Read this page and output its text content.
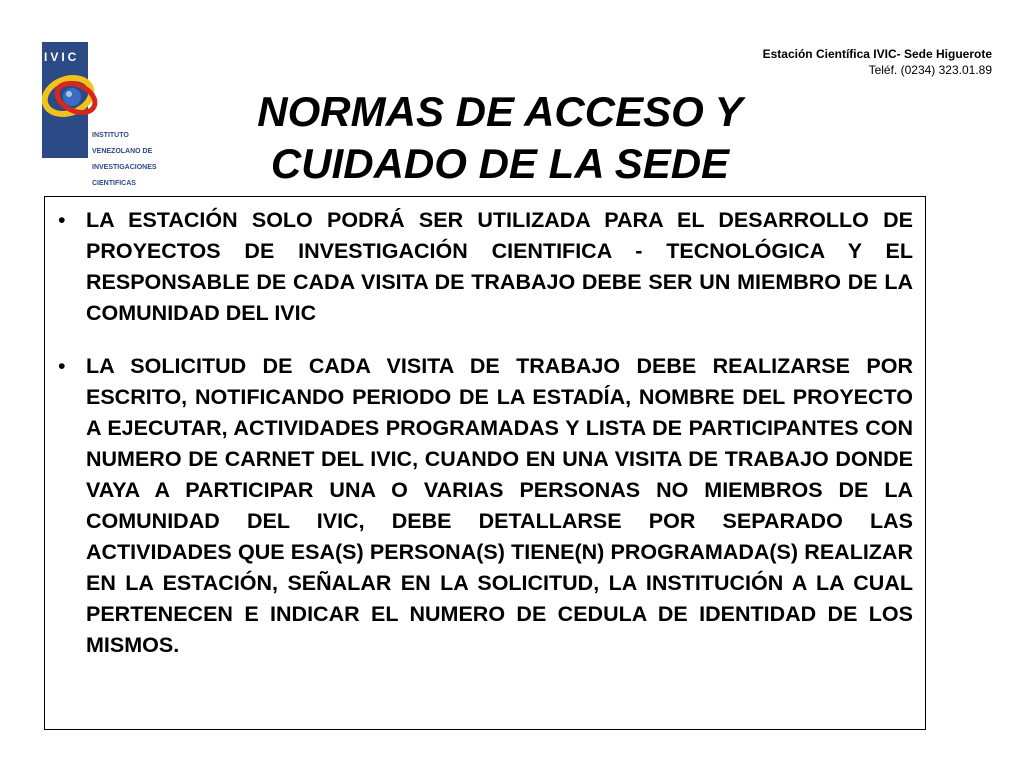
IVIC

INSTITUTO

VENEZOLANO DE

INVESTIGACIONES

CIENTIFICAS

Estación Científica IVIC- Sede Higuerote
Teléf. (0234) 323.01.89
NORMAS DE ACCESO Y
CUIDADO DE LA SEDE
• LA ESTACIÓN SOLO PODRÁ SER UTILIZADA PARA EL DESARROLLO DE PROYECTOS DE INVESTIGACIÓN CIENTIFICA - TECNOLÓGICA Y EL RESPONSABLE DE CADA VISITA DE TRABAJO DEBE SER UN MIEMBRO DE LA COMUNIDAD DEL IVIC
• LA SOLICITUD DE CADA VISITA DE TRABAJO DEBE REALIZARSE POR ESCRITO, NOTIFICANDO PERIODO DE LA ESTADÍA, NOMBRE DEL PROYECTO A EJECUTAR, ACTIVIDADES PROGRAMADAS Y LISTA DE PARTICIPANTES CON NUMERO DE CARNET DEL IVIC, CUANDO EN UNA VISITA DE TRABAJO DONDE VAYA A PARTICIPAR UNA O VARIAS PERSONAS NO MIEMBROS DE LA COMUNIDAD DEL IVIC, DEBE DETALLARSE POR SEPARADO LAS ACTIVIDADES QUE ESA(S) PERSONA(S) TIENE(N) PROGRAMADA(S) REALIZAR EN LA ESTACIÓN, SEÑALAR EN LA SOLICITUD, LA INSTITUCIÓN A LA CUAL PERTENECEN E INDICAR EL NUMERO DE CEDULA DE IDENTIDAD DE LOS MISMOS.
